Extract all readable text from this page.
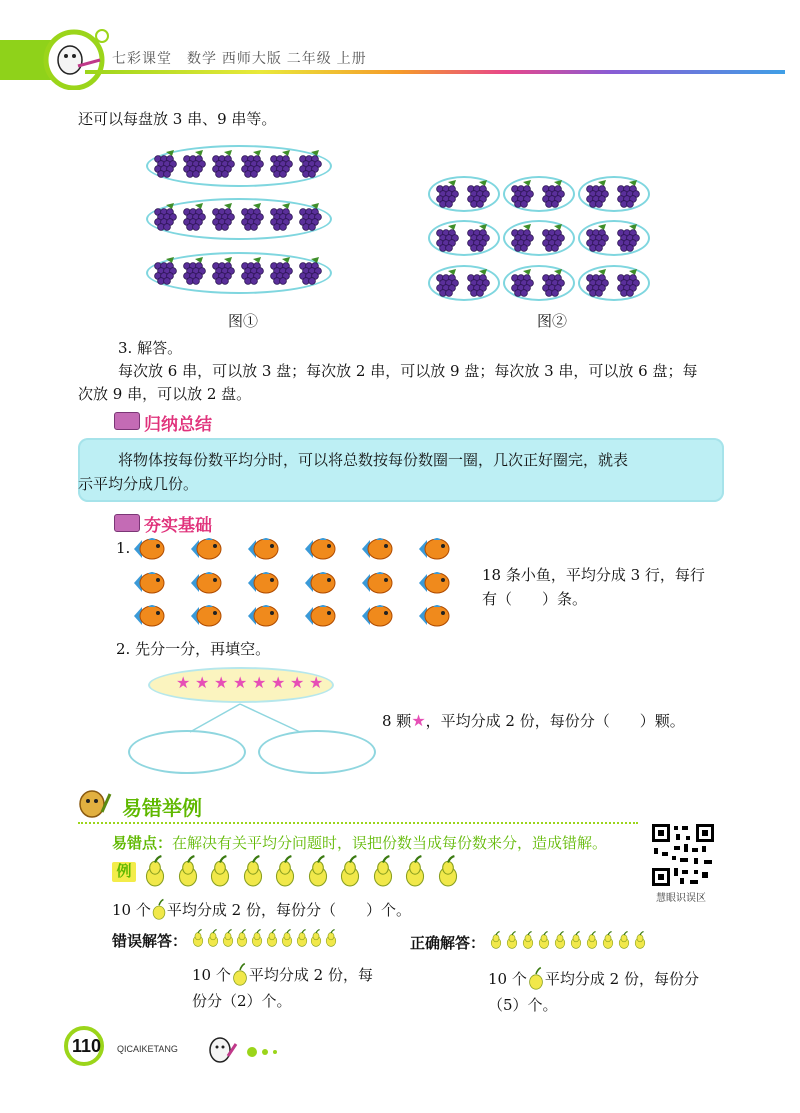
七彩课堂　数学 西师大版 二年级 上册
还可以每盘放 3 串、9 串等。
图①	图②
3. 解答。
每次放 6 串，可以放 3 盘；每次放 2 串，可以放 9 盘；每次放 3 串，可以放 6 盘；每
次放 9 串，可以放 2 盘。
归纳总结
将物体按每份数平均分时，可以将总数按每份数圈一圈，几次正好圈完，就表
示平均分成几份。
夯实基础
1.
18 条小鱼，平均分成 3 行，每行
有（　　）条。
2. 先分一分，再填空。
★ ★ ★ ★ ★ ★ ★ ★
8 颗★，平均分成 2 份，每份分（　　）颗。
易错举例
易错点：在解决有关平均分问题时，误把份数当成每份数来分，造成错解。
例
慧眼识误区
10 个 平均分成 2 份，每份分（　　）个。
错误解答：	正确解答：
10 个 平均分成 2 份，每
份分（2）个。
10 个 平均分成 2 份，每份分
（5）个。
110 QICAIKETANG
